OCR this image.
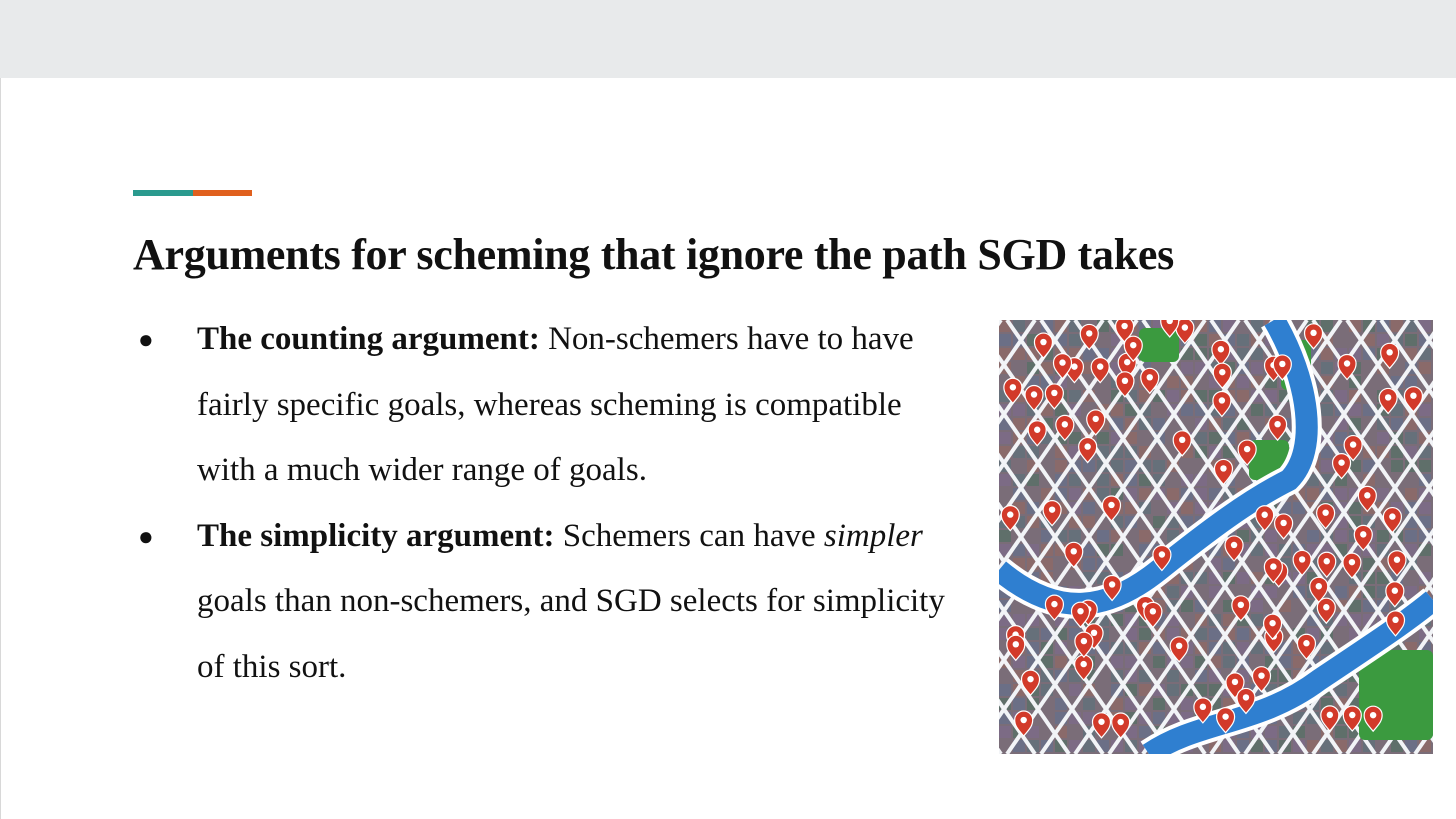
Arguments for scheming that ignore the path SGD takes
● The counting argument: Non-schemers have to have fairly specific goals, whereas scheming is compatible with a much wider range of goals.
● The simplicity argument: Schemers can have simpler goals than non-schemers, and SGD selects for simplicity of this sort.
